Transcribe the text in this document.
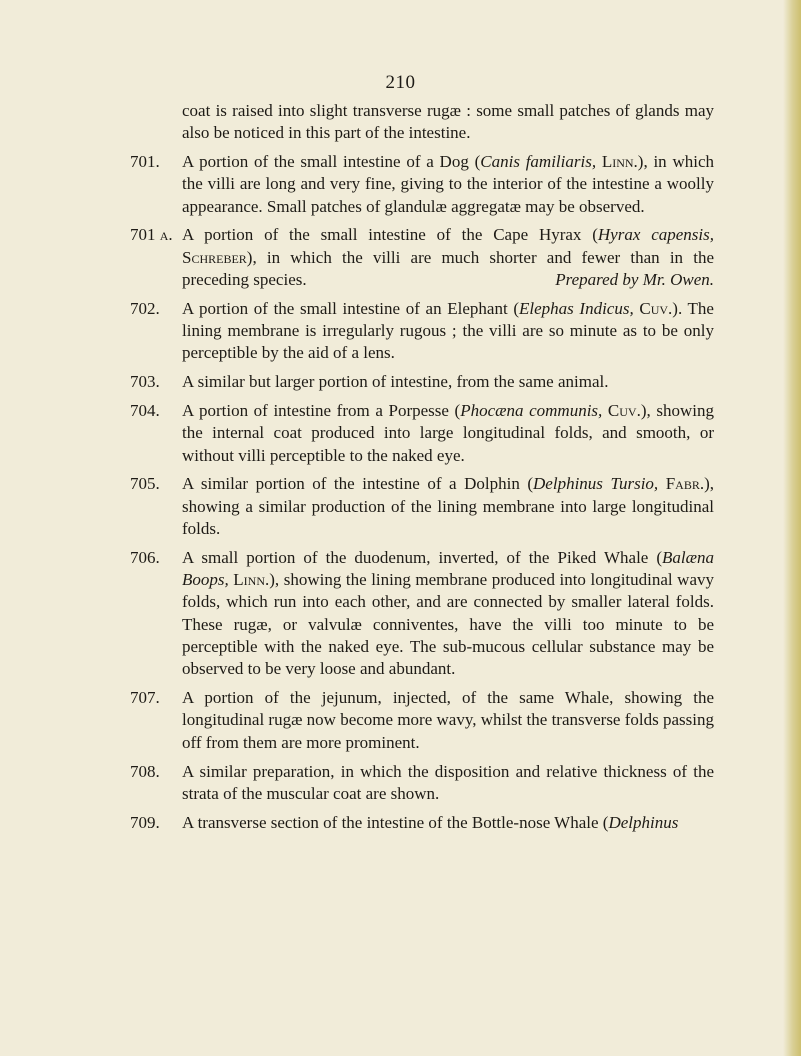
210

coat is raised into slight transverse rugæ : some small patches of glands may also be noticed in this part of the intestine.

701. A portion of the small intestine of a Dog (Canis familiaris, Linn.), in which the villi are long and very fine, giving to the interior of the intestine a woolly appearance. Small patches of glandulæ aggregatæ may be observed.

701 a. A portion of the small intestine of the Cape Hyrax (Hyrax capensis, Schreber), in which the villi are much shorter and fewer than in the preceding species.	Prepared by Mr. Owen.

702. A portion of the small intestine of an Elephant (Elephas Indicus, Cuv.). The lining membrane is irregularly rugous ; the villi are so minute as to be only perceptible by the aid of a lens.

703. A similar but larger portion of intestine, from the same animal.

704. A portion of intestine from a Porpesse (Phocæna communis, Cuv.), showing the internal coat produced into large longitudinal folds, and smooth, or without villi perceptible to the naked eye.

705. A similar portion of the intestine of a Dolphin (Delphinus Tursio, Fabr.), showing a similar production of the lining membrane into large longitudinal folds.

706. A small portion of the duodenum, inverted, of the Piked Whale (Balæna Boops, Linn.), showing the lining membrane produced into longitudinal wavy folds, which run into each other, and are connected by smaller lateral folds. These rugæ, or valvulæ conniventes, have the villi too minute to be perceptible with the naked eye. The sub-mucous cellular substance may be observed to be very loose and abundant.

707. A portion of the jejunum, injected, of the same Whale, showing the longitudinal rugæ now become more wavy, whilst the transverse folds passing off from them are more prominent.

708. A similar preparation, in which the disposition and relative thickness of the strata of the muscular coat are shown.

709. A transverse section of the intestine of the Bottle-nose Whale (Delphinus
